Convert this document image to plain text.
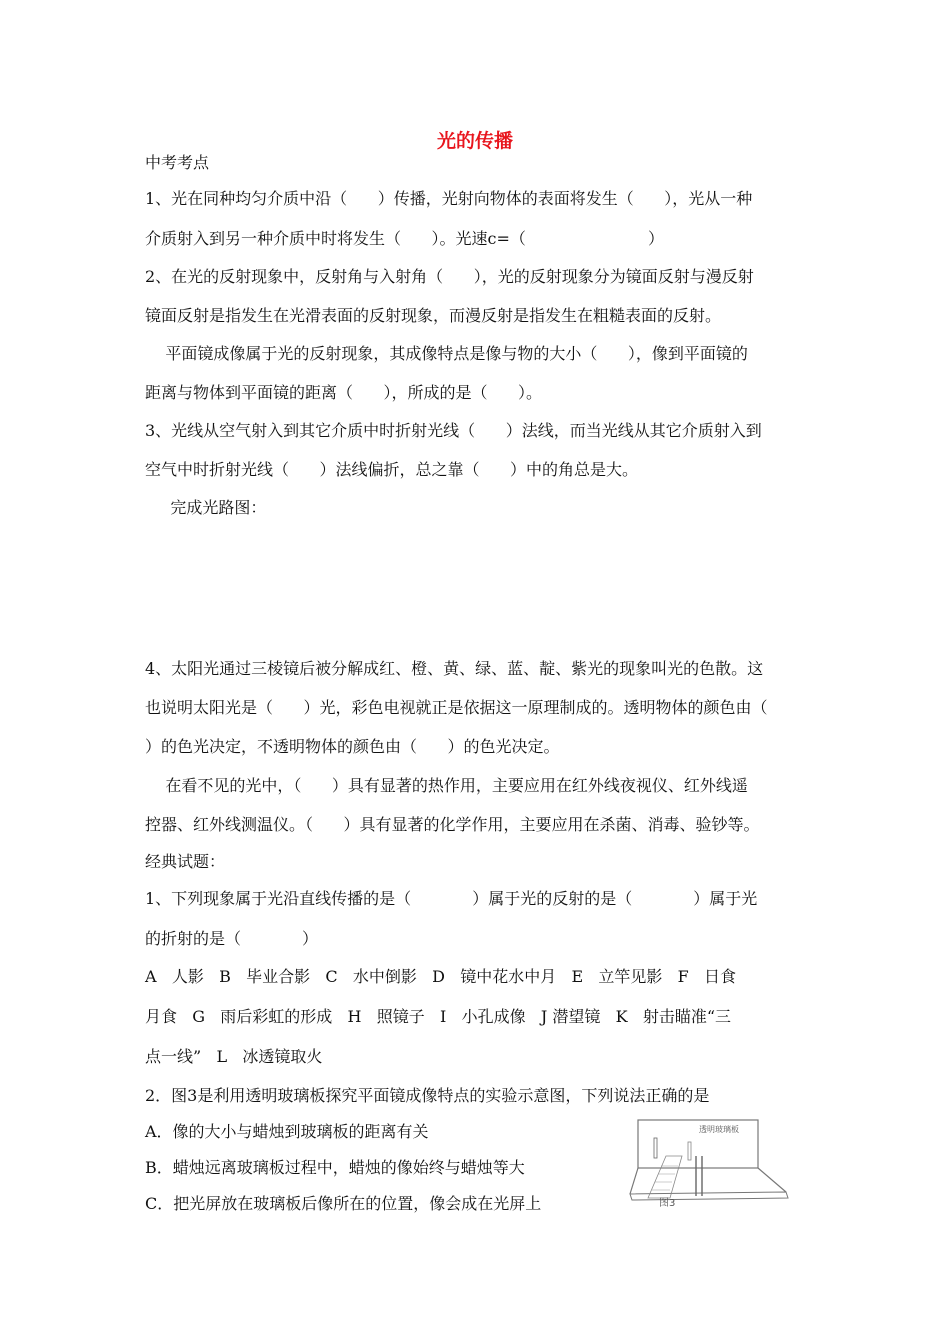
光的传播
中考考点
1、光在同种均匀介质中沿（      ）传播，光射向物体的表面将发生（      ），光从一种
介质射入到另一种介质中时将发生（      ）。光速c=（                        ）
2、在光的反射现象中，反射角与入射角（      ），光的反射现象分为镜面反射与漫反射
镜面反射是指发生在光滑表面的反射现象，而漫反射是指发生在粗糙表面的反射。
平面镜成像属于光的反射现象，其成像特点是像与物的大小（      ），像到平面镜的
距离与物体到平面镜的距离（      ），所成的是（      ）。
3、光线从空气射入到其它介质中时折射光线（      ）法线，而当光线从其它介质射入到
空气中时折射光线（      ）法线偏折，总之靠（      ）中的角总是大。
完成光路图：
4、太阳光通过三棱镜后被分解成红、橙、黄、绿、蓝、靛、紫光的现象叫光的色散。这
也说明太阳光是（      ）光，彩色电视就正是依据这一原理制成的。透明物体的颜色由（
）的色光决定，不透明物体的颜色由（      ）的色光决定。
在看不见的光中，（      ）具有显著的热作用，主要应用在红外线夜视仪、红外线遥
控器、红外线测温仪。（      ）具有显著的化学作用，主要应用在杀菌、消毒、验钞等。
经典试题：
1、下列现象属于光沿直线传播的是（            ）属于光的反射的是（            ）属于光
的折射的是（            ）
A   人影   B   毕业合影   C   水中倒影   D   镜中花水中月   E   立竿见影   F   日食
月食   G   雨后彩虹的形成   H   照镜子   I   小孔成像   J 潜望镜   K   射击瞄准“三
点一线”   L   冰透镜取火
2．图3是利用透明玻璃板探究平面镜成像特点的实验示意图，下列说法正确的是
A．像的大小与蜡烛到玻璃板的距离有关
B．蜡烛远离玻璃板过程中，蜡烛的像始终与蜡烛等大
C．把光屏放在玻璃板后像所在的位置，像会成在光屏上
透明玻璃板
图3
